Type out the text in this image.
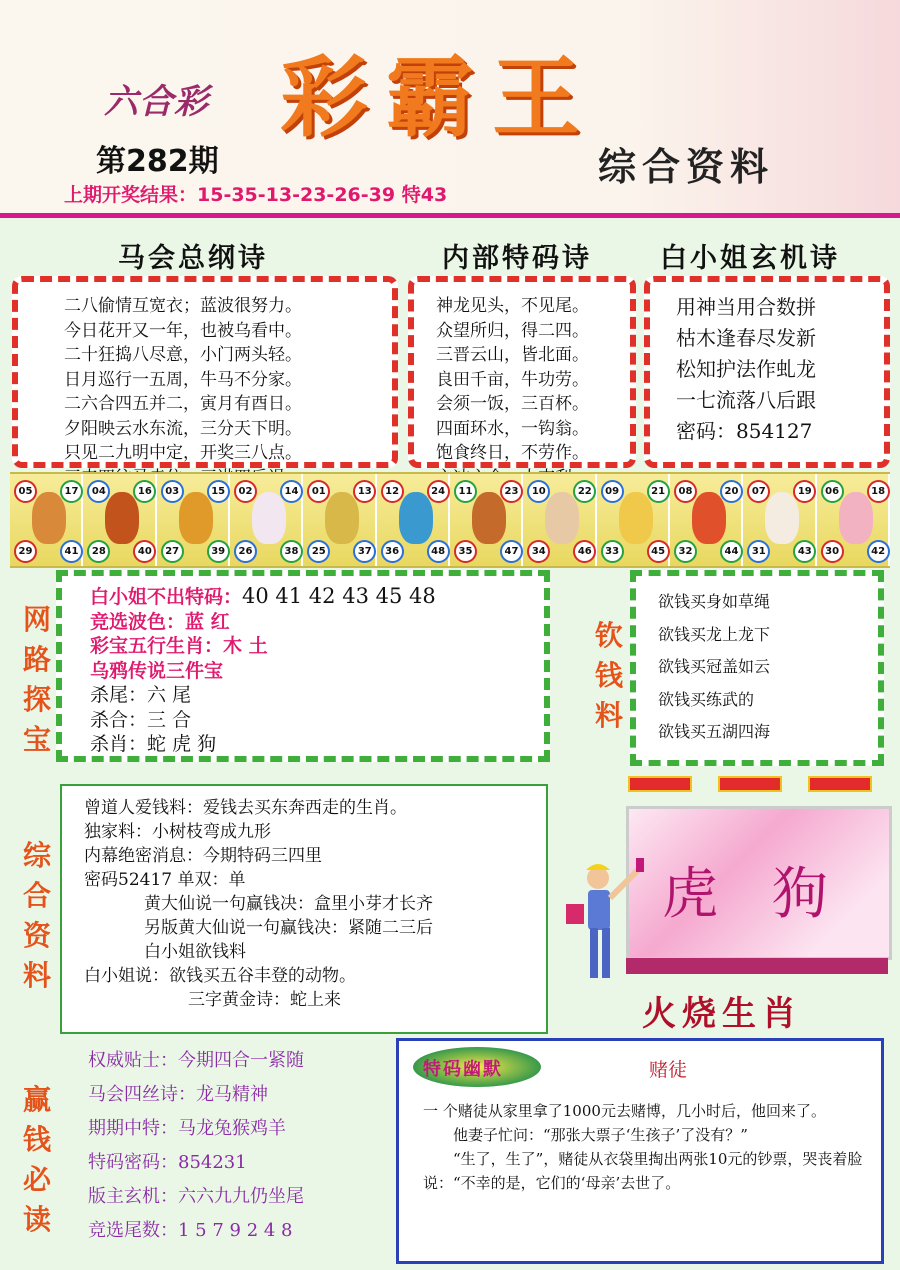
六合彩 彩霸王
第282期
上期开奖结果：15-35-13-23-26-39 特43
综合资料
马会总纲诗	内部特码诗	白小姐玄机诗
二八偷情互宽衣；蓝波很努力。
今日花开又一年，也被乌看中。
二十狂捣八尽意，小门两头轻。
日月巡行一五周，牛马不分家。
二六合四五并二，寅月有酉日。
夕阳映云水东流，三分天下明。
只见二九明中定，开奖三八点。
神龙见头，不见尾。
众望所归，得二四。
三晋云山，皆北面。
良田千亩，牛功劳。
会须一饭，三百杯。
四面环水，一钩翁。
饱食终日，不劳作。
用神当用合数拼
枯木逢春尽发新
松知护法作虬龙
一七流落八后跟
密码：854127
05	17
29	41
04	16
28	40
03	15
27	39
02	14
26	38
01	13
25	37
12	24
36	48
11	23
35	47
10	22
34	46
09	21
33	45
08	20
32	44
07	19
31	43
06	18
30	42
网
路
探
宝
白小姐不出特码：40 41 42 43 45 48
竞选波色：蓝 红
彩宝五行生肖：木 土
乌鸦传说三件宝
杀尾：六 尾
杀合：三 合
杀肖：蛇 虎 狗
钦
钱
料
欲钱买身如草绳
欲钱买龙上龙下
欲钱买冠盖如云
欲钱买练武的
欲钱买五湖四海
综
合
资
料
曾道人爱钱料：爱钱去买东奔西走的生肖。
独家料：小树枝弯成九形
内幕绝密消息：今期特码三四里
密码52417 单双：单
黄大仙说一句赢钱决：盒里小芽才长齐
另版黄大仙说一句赢钱决：紧随二三后
白小姐欲钱料
白小姐说：欲钱买五谷丰登的动物。
三字黄金诗：蛇上来
虎 狗
火烧生肖
赢
钱
必
读
权威贴士：今期四合一紧随
马会四丝诗：龙马精神
期期中特：马龙兔猴鸡羊
特码密码：854231
版主玄机：六六九九仍坐尾
竞选尾数：1 5 7 9 2 4 8
特码幽默	赌徒
一 个赌徒从家里拿了1000元去赌博，几小时后，他回来了。
他妻子忙问：“那张大票子‘生孩子’了没有？”
“生了，生了”，赌徒从衣袋里掏出两张10元的钞票，哭丧着脸说：“不幸的是，它们的‘母亲’去世了。
